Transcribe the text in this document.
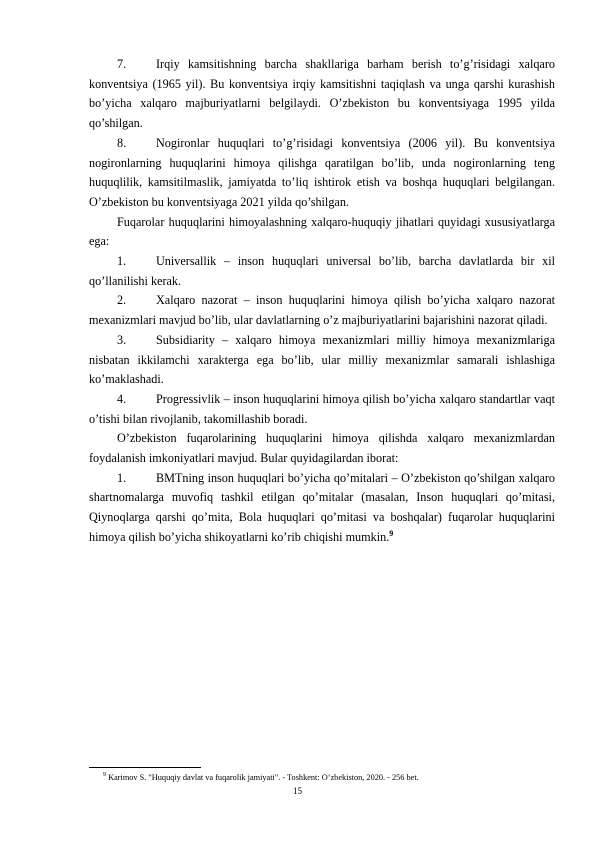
7. Irqiy kamsitishning barcha shakllariga barham berish to’g’risidagi xalqaro konventsiya (1965 yil). Bu konventsiya irqiy kamsitishni taqiqlash va unga qarshi kurashish bo’yicha xalqaro majburiyatlarni belgilaydi. O’zbekiston bu konventsiyaga 1995 yilda qo’shilgan.

8. Nogironlar huquqlari to’g’risidagi konventsiya (2006 yil). Bu konventsiya nogironlarning huquqlarini himoya qilishga qaratilgan bo’lib, unda nogironlarning teng huquqlilik, kamsitilmaslik, jamiyatda to’liq ishtirok etish va boshqa huquqlari belgilangan. O’zbekiston bu konventsiyaga 2021 yilda qo’shilgan.

Fuqarolar huquqlarini himoyalashning xalqaro-huquqiy jihatlari quyidagi xususiyatlarga ega:

1. Universallik – inson huquqlari universal bo’lib, barcha davlatlarda bir xil qo’llanilishi kerak.

2. Xalqaro nazorat – inson huquqlarini himoya qilish bo’yicha xalqaro nazorat mexanizmlari mavjud bo’lib, ular davlatlarning o’z majburiyatlarini bajarishini nazorat qiladi.

3. Subsidiarity – xalqaro himoya mexanizmlari milliy himoya mexanizmlariga nisbatan ikkilamchi xarakterga ega bo’lib, ular milliy mexanizmlar samarali ishlashiga ko’maklashadi.

4. Progressivlik – inson huquqlarini himoya qilish bo’yicha xalqaro standartlar vaqt o’tishi bilan rivojlanib, takomillashib boradi.

O’zbekiston fuqarolarining huquqlarini himoya qilishda xalqaro mexanizmlardan foydalanish imkoniyatlari mavjud. Bular quyidagilardan iborat:

1. BMTning inson huquqlari bo’yicha qo’mitalari – O’zbekiston qo’shilgan xalqaro shartnomalarga muvofiq tashkil etilgan qo’mitalar (masalan, Inson huquqlari qo’mitasi, Qiynoqlarga qarshi qo’mita, Bola huquqlari qo’mitasi va boshqalar) fuqarolar huquqlarini himoya qilish bo’yicha shikoyatlarni ko’rib chiqishi mumkin.$^9$

$^9$ Karimov S. "Huquqiy davlat va fuqarolik jamiyati". - Toshkent: O’zbekiston, 2020. - 256 bet.
15
